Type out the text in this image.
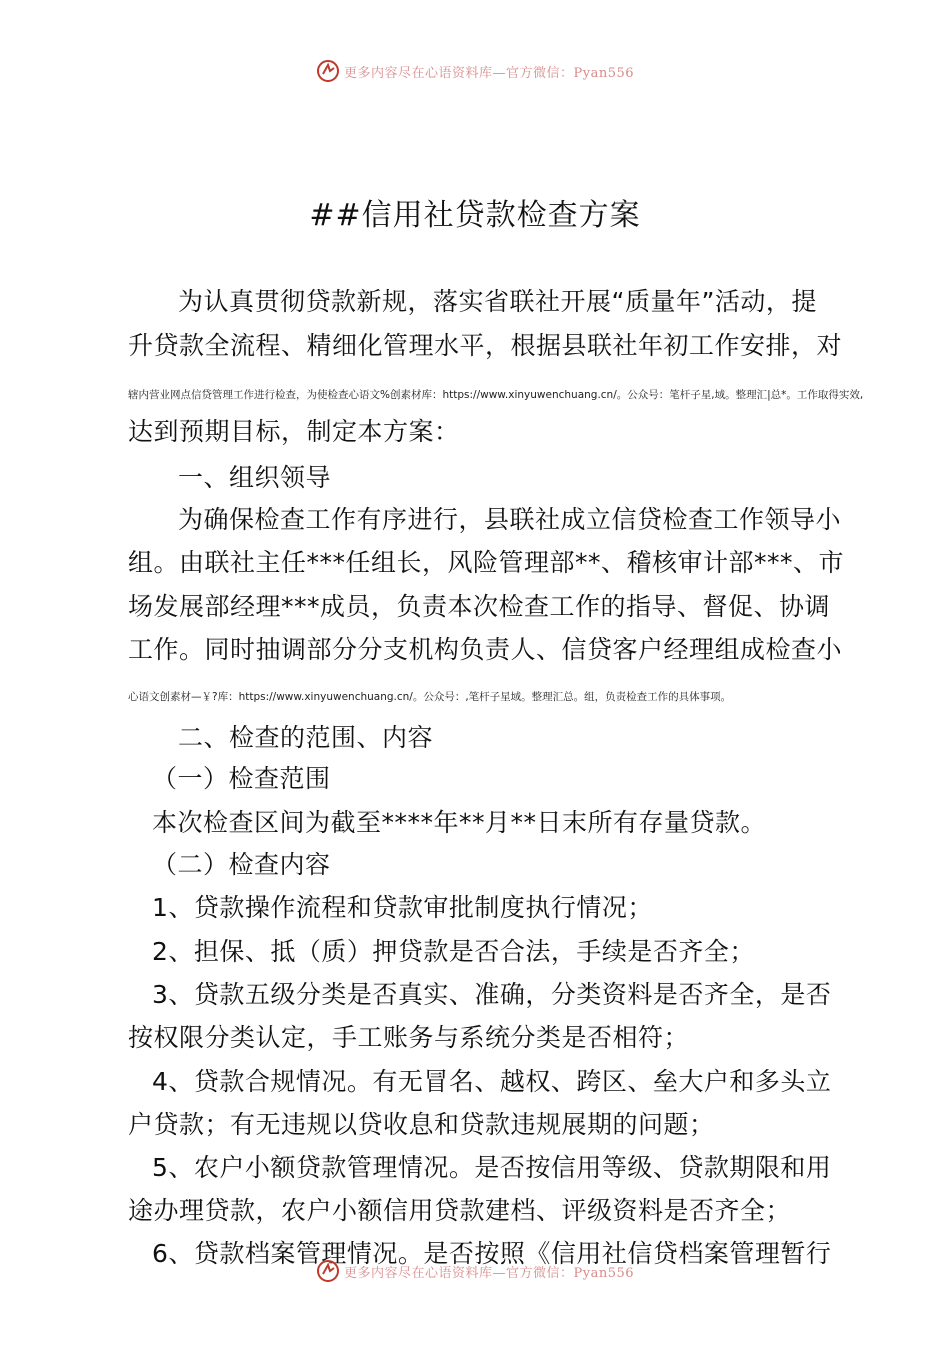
更多内容尽在心语资料库—官方微信：Pyan556
##信用社贷款检查方案
为认真贯彻贷款新规，落实省联社开展“质量年”活动，提
升贷款全流程、精细化管理水平，根据县联社年初工作安排，对
辖内营业网点信贷管理工作进行检查，为使检查心语文%创素材库：https://www.xinyuwenchuang.cn/。公众号：笔杆子星,域。整理汇|总*。工作取得实效,
达到预期目标，制定本方案：
一、组织领导
为确保检查工作有序进行，县联社成立信贷检查工作领导小
组。由联社主任***任组长，风险管理部**、稽核审计部***、市
场发展部经理***成员，负责本次检查工作的指导、督促、协调
工作。同时抽调部分分支机构负责人、信贷客户经理组成检查小
心语文创素材—￥?库：https://www.xinyuwenchuang.cn/。公众号：,笔杆子星域。整理汇总。组，负责检查工作的具体事项。
二、检查的范围、内容
（一）检查范围
本次检查区间为截至****年**月**日末所有存量贷款。
（二）检查内容
1、贷款操作流程和贷款审批制度执行情况；
2、担保、抵（质）押贷款是否合法，手续是否齐全；
3、贷款五级分类是否真实、准确，分类资料是否齐全，是否
按权限分类认定，手工账务与系统分类是否相符；
4、贷款合规情况。有无冒名、越权、跨区、垒大户和多头立
户贷款；有无违规以贷收息和贷款违规展期的问题；
5、农户小额贷款管理情况。是否按信用等级、贷款期限和用
途办理贷款，农户小额信用贷款建档、评级资料是否齐全；
6、贷款档案管理情况。是否按照《信用社信贷档案管理暂行
更多内容尽在心语资料库—官方微信：Pyan556
